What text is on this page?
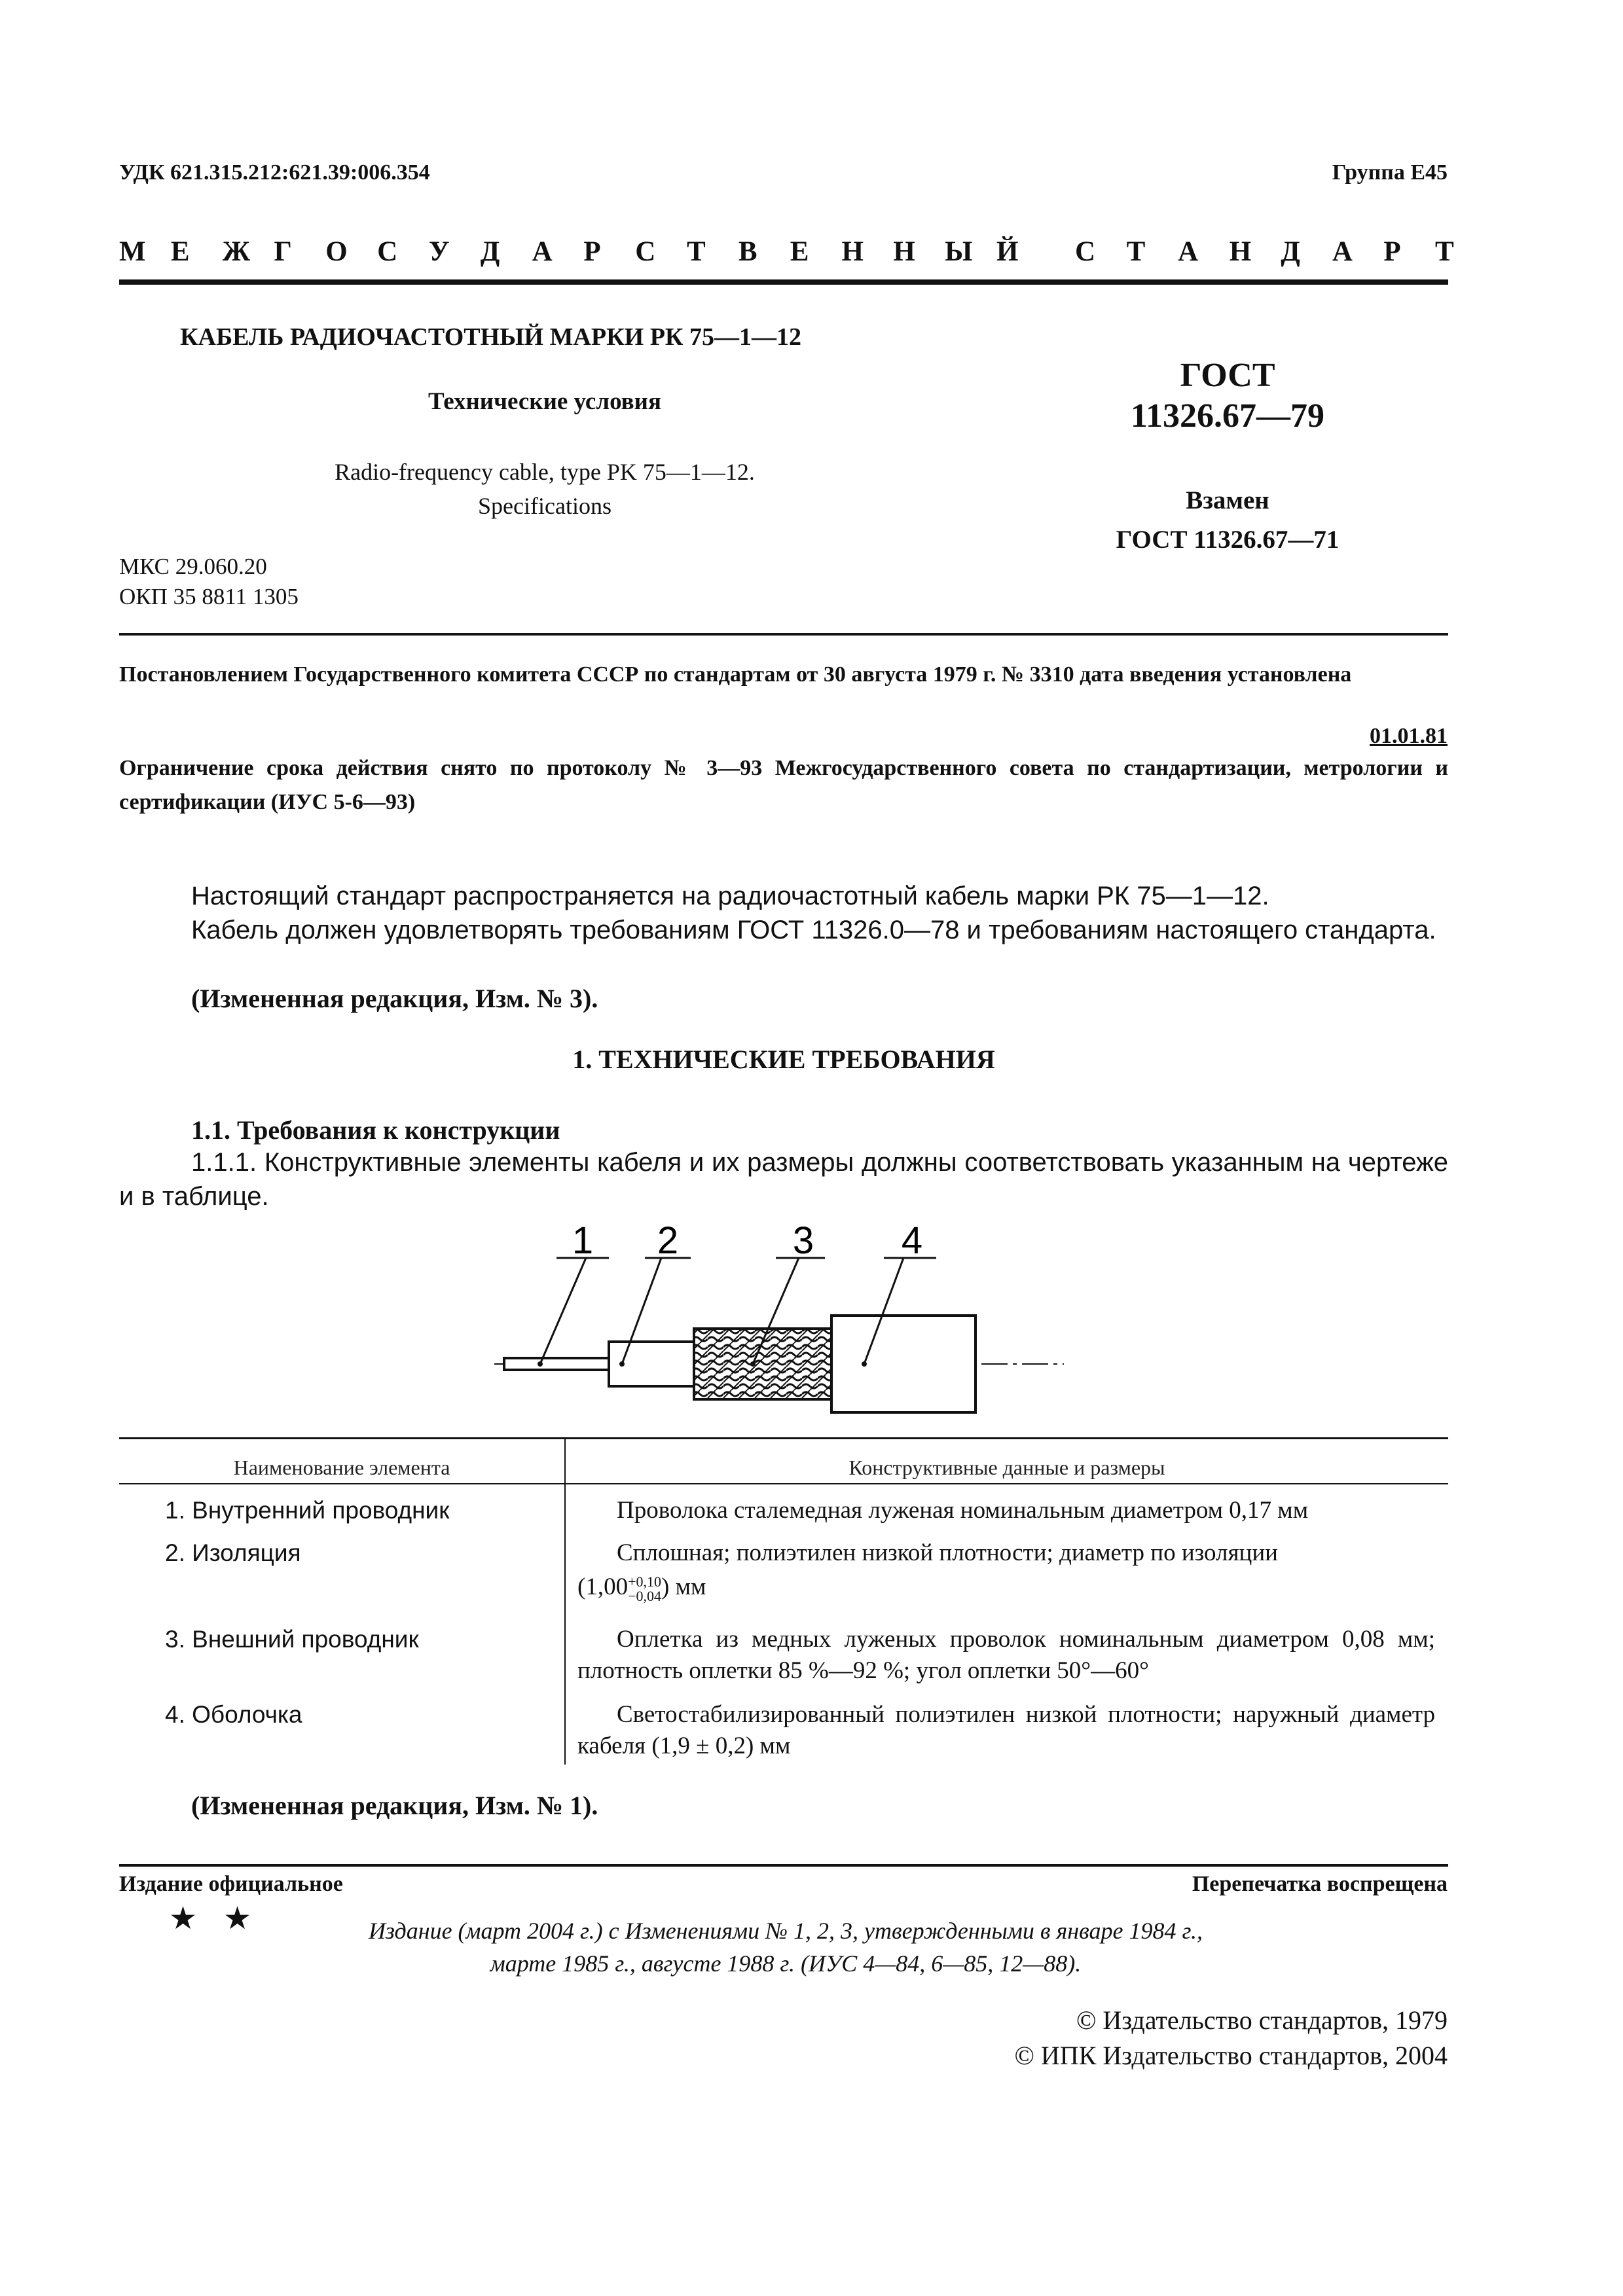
УДК 621.315.212:621.39:006.354	Группа Е45
М Е Ж Г О С У Д А Р С Т В Е Н Н Ы Й С Т А Н Д А Р Т
КАБЕЛЬ РАДИОЧАСТОТНЫЙ МАРКИ РК 75—1—12
Технические условия
Radio-frequency cable, type PK 75—1—12.
Specifications
ГОСТ
11326.67—79
Взамен
ГОСТ 11326.67—71
МКС 29.060.20
ОКП 35 8811 1305
Постановлением Государственного комитета СССР по стандартам от 30 августа 1979 г. № 3310 дата введения установлена
01.01.81
Ограничение срока действия снято по протоколу № 3—93 Межгосударственного совета по стандартизации, метрологии и сертификации (ИУС 5-6—93)

Настоящий стандарт распространяется на радиочастотный кабель марки РК 75—1—12.

Кабель должен удовлетворять требованиям ГОСТ 11326.0—78 и требованиям настоящего стандарта.

(Измененная редакция, Изм. № 3).
1. ТЕХНИЧЕСКИЕ ТРЕБОВАНИЯ
1.1. Требования к конструкции
1.1.1. Конструктивные элементы кабеля и их размеры должны соответствовать указанным на чертеже и в таблице.
1 2	3 4
Наименование элемента	Конструктивные данные и размеры
1. Внутренний проводник	Проволока сталемедная луженая номинальным диаметром 0,17 мм
2. Изоляция	Сплошная; полиэтилен низкой плотности; диаметр по изоляции
(1,00 +0,10
−0,04 ) мм
3. Внешний проводник	Оплетка из медных луженых проволок номинальным диаметром 0,08 мм; плотность оплетки 85 %—92 %; угол оплетки 50°—60°
4. Оболочка	Светостабилизированный полиэтилен низкой плотности; наружный диаметр кабеля (1,9 ± 0,2) мм
(Измененная редакция, Изм. № 1).
Издание официальное	Перепечатка воспрещена
★ ★	Издание (март 2004 г.) с Изменениями № 1, 2, 3, утвержденными в январе 1984 г.,
марте 1985 г., августе 1988 г. (ИУС 4—84, 6—85, 12—88).
© Издательство стандартов, 1979
© ИПК Издательство стандартов, 2004
